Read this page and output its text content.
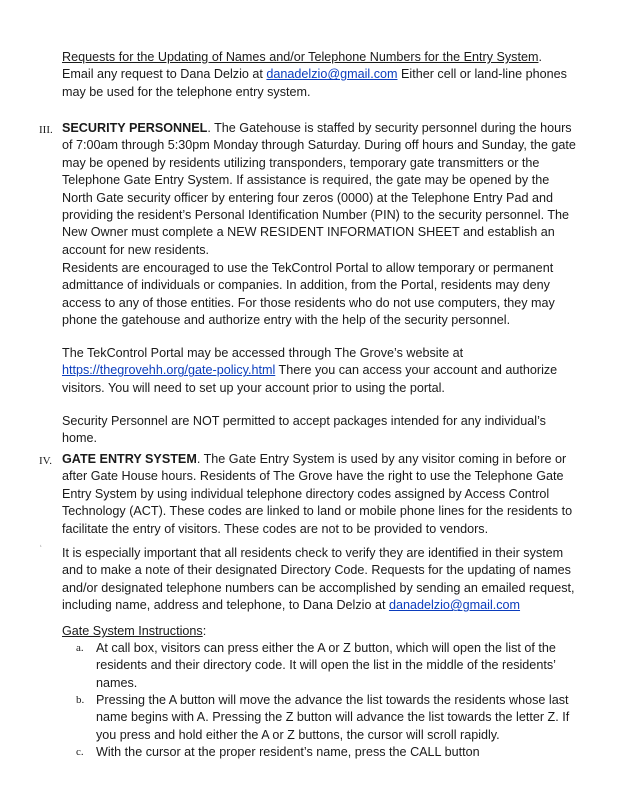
Requests for the Updating of Names and/or Telephone Numbers for the Entry System. Email any request to Dana Delzio at danadelzio@gmail.com Either cell or land-line phones may be used for the telephone entry system.

III. SECURITY PERSONNEL. The Gatehouse is staffed by security personnel during the hours of 7:00am through 5:30pm Monday through Saturday. During off hours and Sunday, the gate may be opened by residents utilizing transponders, temporary gate transmitters or the Telephone Gate Entry System. If assistance is required, the gate may be opened by the North Gate security officer by entering four zeros (0000) at the Telephone Entry Pad and providing the resident’s Personal Identification Number (PIN) to the security personnel. The New Owner must complete a NEW RESIDENT INFORMATION SHEET and establish an account for new residents.

Residents are encouraged to use the TekControl Portal to allow temporary or permanent admittance of individuals or companies. In addition, from the Portal, residents may deny access to any of those entities. For those residents who do not use computers, they may phone the gatehouse and authorize entry with the help of the security personnel.

The TekControl Portal may be accessed through The Grove’s website at https://thegrovehh.org/gate-policy.html There you can access your account and authorize visitors. You will need to set up your account prior to using the portal.

Security Personnel are NOT permitted to accept packages intended for any individual’s home.

IV. GATE ENTRY SYSTEM. The Gate Entry System is used by any visitor coming in before or after Gate House hours. Residents of The Grove have the right to use the Telephone Gate Entry System by using individual telephone directory codes assigned by Access Control Technology (ACT). These codes are linked to land or mobile phone lines for the residents to facilitate the entry of visitors. These codes are not to be provided to vendors.

¹ It is especially important that all residents check to verify they are identified in their system and to make a note of their designated Directory Code. Requests for the updating of names and/or designated telephone numbers can be accomplished by sending an emailed request, including name, address and telephone, to Dana Delzio at danadelzio@gmail.com

Gate System Instructions:

a. At call box, visitors can press either the A or Z button, which will open the list of the residents and their directory code. It will open the list in the middle of the residents’ names.
b. Pressing the A button will move the advance the list towards the residents whose last name begins with A. Pressing the Z button will advance the list towards the letter Z. If you press and hold either the A or Z buttons, the cursor will scroll rapidly.
c. With the cursor at the proper resident’s name, press the CALL button
